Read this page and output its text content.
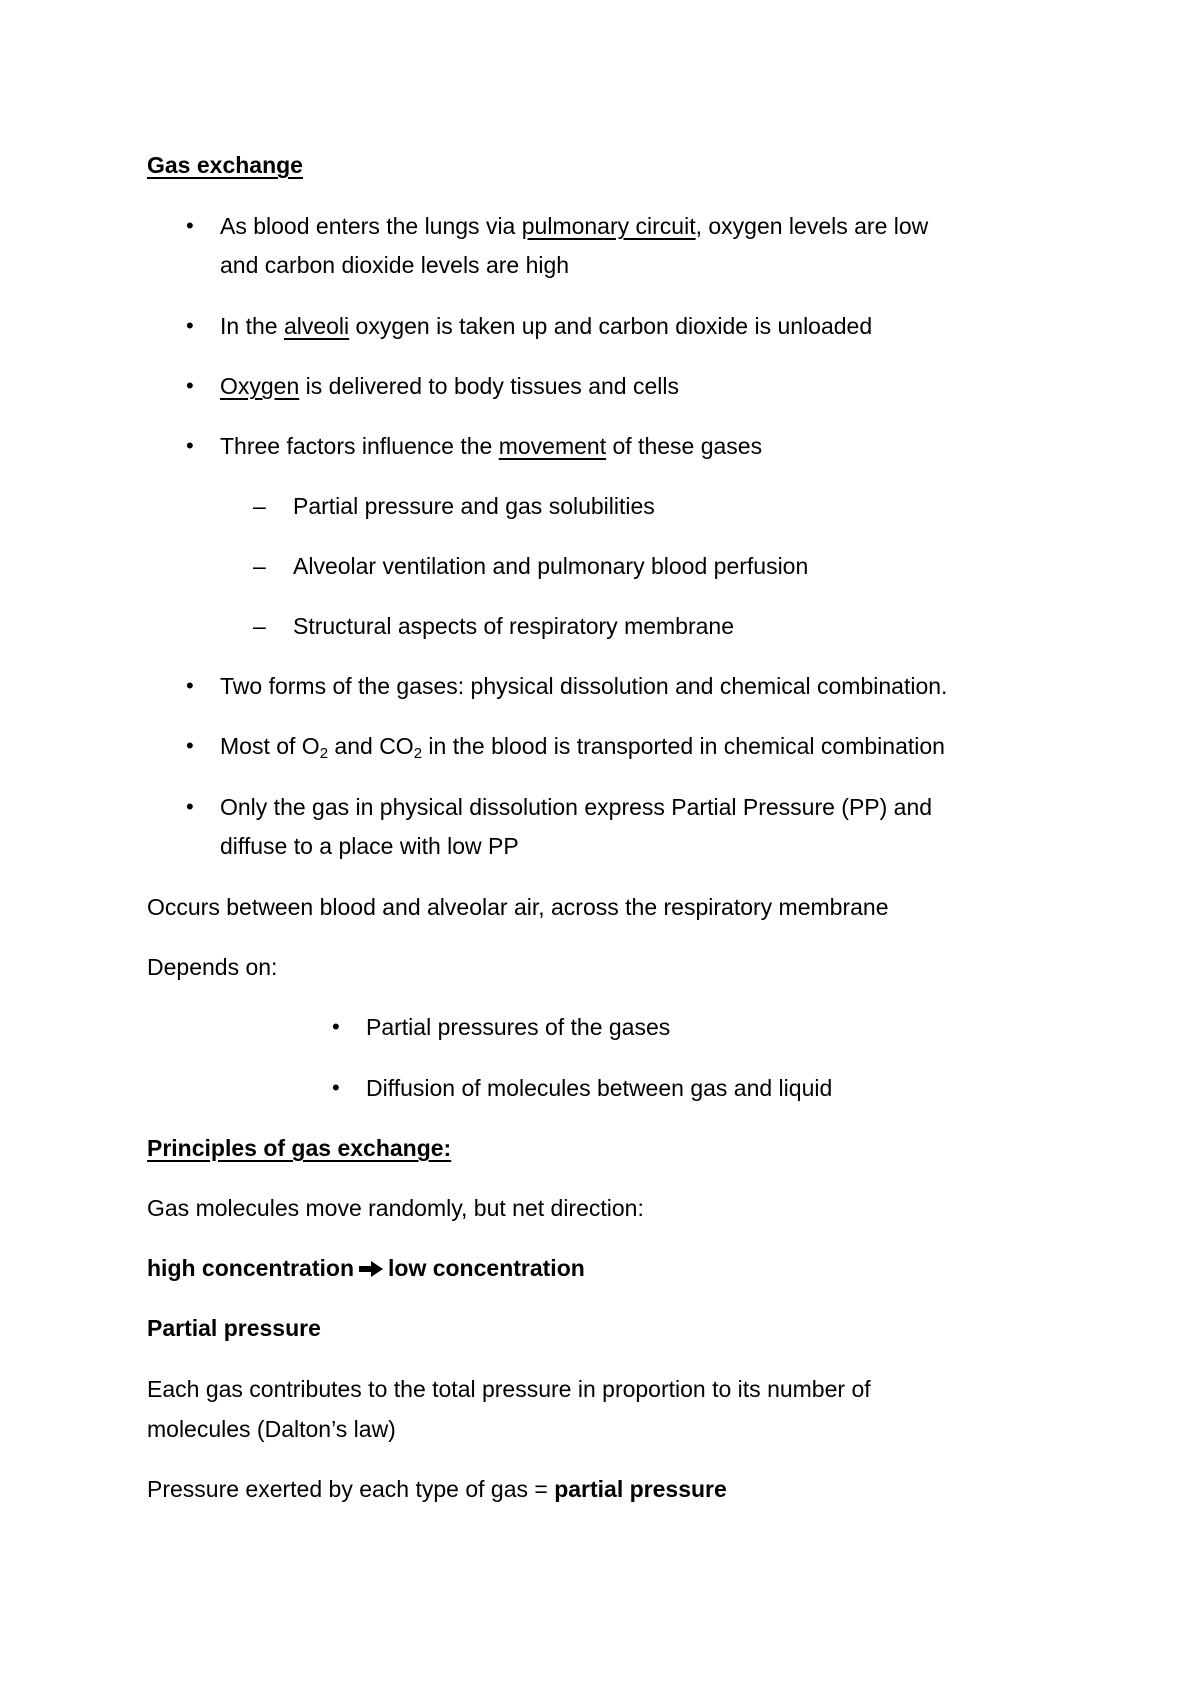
Gas exchange
• As blood enters the lungs via pulmonary circuit, oxygen levels are low
and carbon dioxide levels are high
• In the alveoli oxygen is taken up and carbon dioxide is unloaded
• Oxygen is delivered to body tissues and cells
• Three factors influence the movement of these gases
– Partial pressure and gas solubilities
– Alveolar ventilation and pulmonary blood perfusion
– Structural aspects of respiratory membrane
• Two forms of the gases: physical dissolution and chemical combination.
• Most of $O_2$ and $CO_2$ in the blood is transported in chemical combination
• Only the gas in physical dissolution express Partial Pressure (PP) and
diffuse to a place with low PP
Occurs between blood and alveolar air, across the respiratory membrane
Depends on:
• Partial pressures of the gases
• Diffusion of molecules between gas and liquid
Principles of gas exchange:
Gas molecules move randomly, but net direction:
high concentration low concentration
Partial pressure
Each gas contributes to the total pressure in proportion to its number of
molecules (Dalton’s law)
Pressure exerted by each type of gas = partial pressure
